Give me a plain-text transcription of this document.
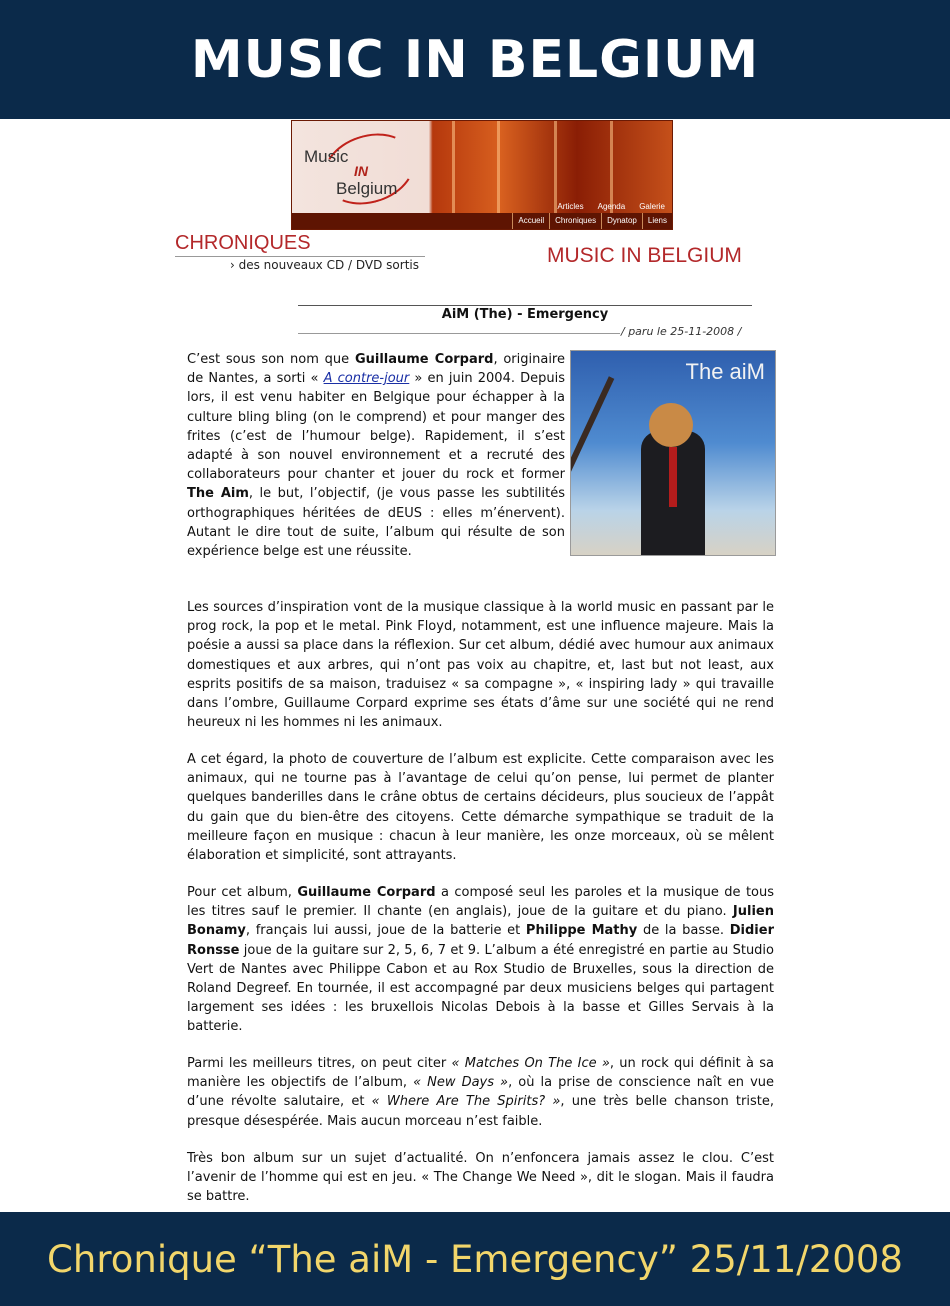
MUSIC IN BELGIUM
Music
IN
Belgium
Articles	Agenda	Galerie
Accueil	Chroniques	Dynatop	Liens
CHRONIQUES
› des nouveaux CD / DVD sortis	MUSIC IN BELGIUM
AiM (The) - Emergency
/ paru le 25-11-2008 /
The aiM
C’est sous son nom que Guillaume Corpard, originaire de Nantes, a sorti « A contre-jour » en juin 2004. Depuis lors, il est venu habiter en Belgique pour échapper à la culture bling bling (on le comprend) et pour manger des frites (c’est de l’humour belge). Rapidement, il s’est adapté à son nouvel environnement et a recruté des collaborateurs pour chanter et jouer du rock et former The Aim, le but, l’objectif, (je vous passe les subtilités orthographiques héritées de dEUS : elles m’énervent). Autant le dire tout de suite, l’album qui résulte de son expérience belge est une réussite.
Les sources d’inspiration vont de la musique classique à la world music en passant par le prog rock, la pop et le metal. Pink Floyd, notamment, est une influence majeure. Mais la poésie a aussi sa place dans la réflexion. Sur cet album, dédié avec humour aux animaux domestiques et aux arbres, qui n’ont pas voix au chapitre, et, last but not least, aux esprits positifs de sa maison, traduisez « sa compagne », « inspiring lady » qui travaille dans l’ombre, Guillaume Corpard exprime ses états d’âme sur une société qui ne rend heureux ni les hommes ni les animaux.
A cet égard, la photo de couverture de l’album est explicite. Cette comparaison avec les animaux, qui ne tourne pas à l’avantage de celui qu’on pense, lui permet de planter quelques banderilles dans le crâne obtus de certains décideurs, plus soucieux de l’appât du gain que du bien-être des citoyens. Cette démarche sympathique se traduit de la meilleure façon en musique : chacun à leur manière, les onze morceaux, où se mêlent élaboration et simplicité, sont attrayants.
Pour cet album, Guillaume Corpard a composé seul les paroles et la musique de tous les titres sauf le premier. Il chante (en anglais), joue de la guitare et du piano. Julien Bonamy, français lui aussi, joue de la batterie et Philippe Mathy de la basse. Didier Ronsse joue de la guitare sur 2, 5, 6, 7 et 9. L’album a été enregistré en partie au Studio Vert de Nantes avec Philippe Cabon et au Rox Studio de Bruxelles, sous la direction de Roland Degreef. En tournée, il est accompagné par deux musiciens belges qui partagent largement ses idées : les bruxellois Nicolas Debois à la basse et Gilles Servais à la batterie.
Parmi les meilleurs titres, on peut citer « Matches On The Ice », un rock qui définit à sa manière les objectifs de l’album, « New Days », où la prise de conscience naît en vue d’une révolte salutaire, et « Where Are The Spirits? », une très belle chanson triste, presque désespérée. Mais aucun morceau n’est faible.
Très bon album sur un sujet d’actualité. On n’enfoncera jamais assez le clou. C’est l’avenir de l’homme qui est en jeu. « The Change We Need », dit le slogan. Mais il faudra se battre.
Chronique “The aiM - Emergency” 25/11/2008
